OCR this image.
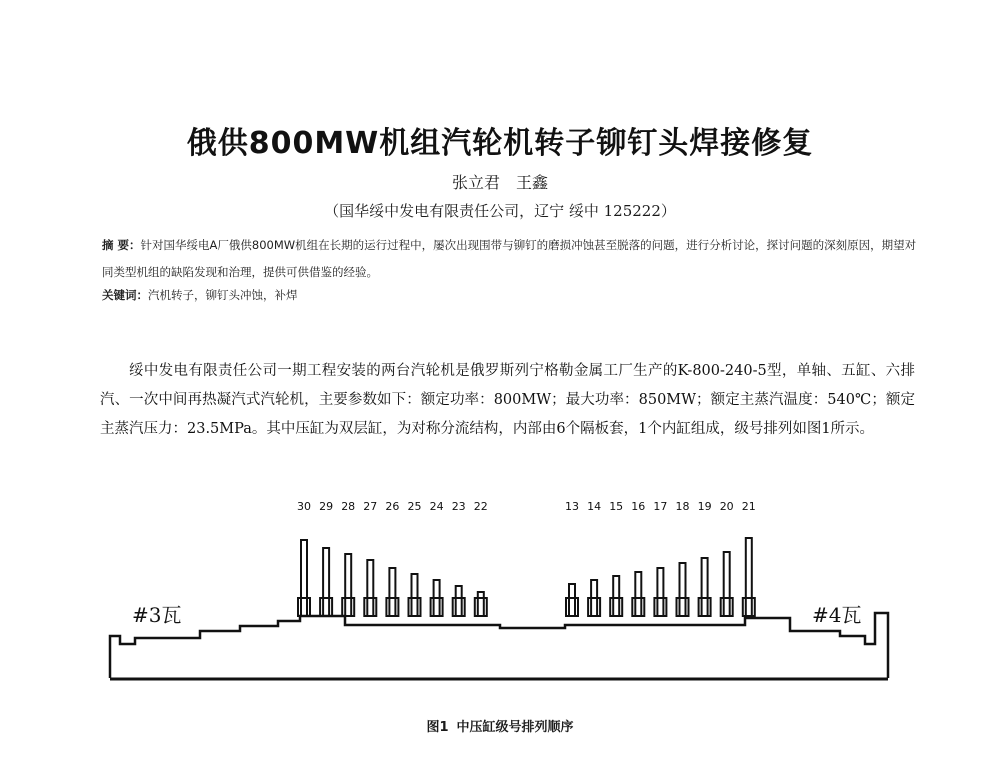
俄供800MW机组汽轮机转子铆钉头焊接修复
张立君　王鑫
（国华绥中发电有限责任公司，辽宁 绥中 125222）
摘 要：针对国华绥电A厂俄供800MW机组在长期的运行过程中，屡次出现围带与铆钉的磨损冲蚀甚至脱落的问题，进行分析讨论，探讨问题的深刻原因，期望对同类型机组的缺陷发现和治理，提供可供借鉴的经验。
关键词：汽机转子，铆钉头冲蚀，补焊
绥中发电有限责任公司一期工程安装的两台汽轮机是俄罗斯列宁格勒金属工厂生产的K-800-240-5型，单轴、五缸、六排汽、一次中间再热凝汽式汽轮机，主要参数如下：额定功率：800MW；最大功率：850MW；额定主蒸汽温度：540℃；额定主蒸汽压力：23.5MPa。其中压缸为双层缸，为对称分流结构，内部由6个隔板套，1个内缸组成，级号排列如图1所示。
30 29 28 27 26 25 24 23 22	13 14 15 16 17 18 19 20 21
#3瓦	#4瓦
图1 中压缸级号排列顺序
